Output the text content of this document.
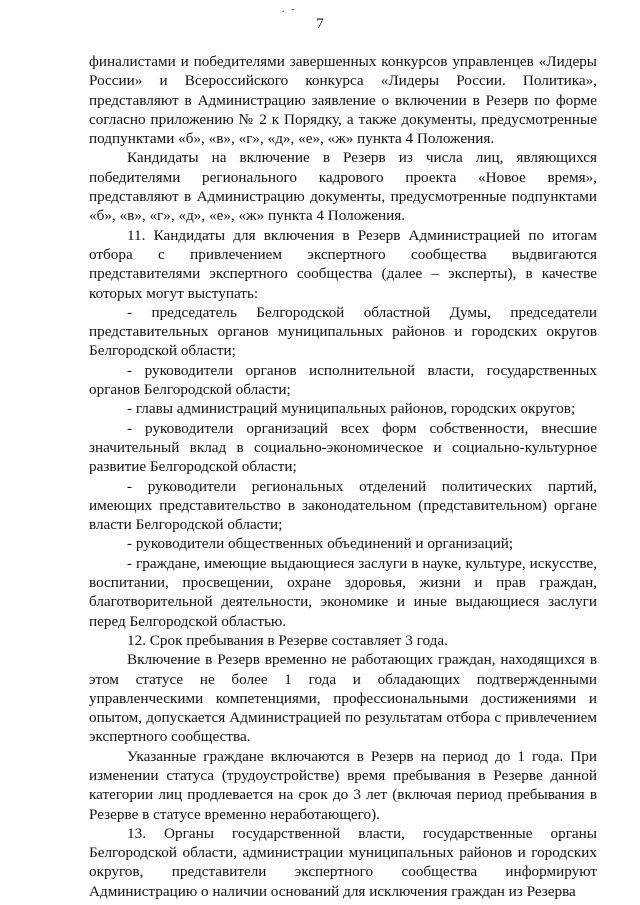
. -
7

финалистами и победителями завершенных конкурсов управленцев «Лидеры России» и Всероссийского конкурса «Лидеры России. Политика», представляют в Администрацию заявление о включении в Резерв по форме согласно приложению № 2 к Порядку, а также документы, предусмотренные подпунктами «б», «в», «г», «д», «е», «ж» пункта 4 Положения.

Кандидаты на включение в Резерв из числа лиц, являющихся победителями регионального кадрового проекта «Новое время», представляют в Администрацию документы, предусмотренные подпунктами «б», «в», «г», «д», «е», «ж» пункта 4 Положения.

11. Кандидаты для включения в Резерв Администрацией по итогам отбора с привлечением экспертного сообщества выдвигаются представителями экспертного сообщества (далее – эксперты), в качестве которых могут выступать:

- председатель Белгородской областной Думы, председатели представительных органов муниципальных районов и городских округов Белгородской области;

- руководители органов исполнительной власти, государственных органов Белгородской области;

- главы администраций муниципальных районов, городских округов;

- руководители организаций всех форм собственности, внесшие значительный вклад в социально-экономическое и социально-культурное развитие Белгородской области;

- руководители региональных отделений политических партий, имеющих представительство в законодательном (представительном) органе власти Белгородской области;

- руководители общественных объединений и организаций;

- граждане, имеющие выдающиеся заслуги в науке, культуре, искусстве, воспитании, просвещении, охране здоровья, жизни и прав граждан, благотворительной деятельности, экономике и иные выдающиеся заслуги перед Белгородской областью.

12. Срок пребывания в Резерве составляет 3 года.

Включение в Резерв временно не работающих граждан, находящихся в этом статусе не более 1 года и обладающих подтвержденными управленческими компетенциями, профессиональными достижениями и опытом, допускается Администрацией по результатам отбора с привлечением экспертного сообщества.

Указанные граждане включаются в Резерв на период до 1 года. При изменении статуса (трудоустройстве) время пребывания в Резерве данной категории лиц продлевается на срок до 3 лет (включая период пребывания в Резерве в статусе временно неработающего).

13. Органы государственной власти, государственные органы Белгородской области, администрации муниципальных районов и городских округов, представители экспертного сообщества информируют Администрацию о наличии оснований для исключения граждан из Резерва
